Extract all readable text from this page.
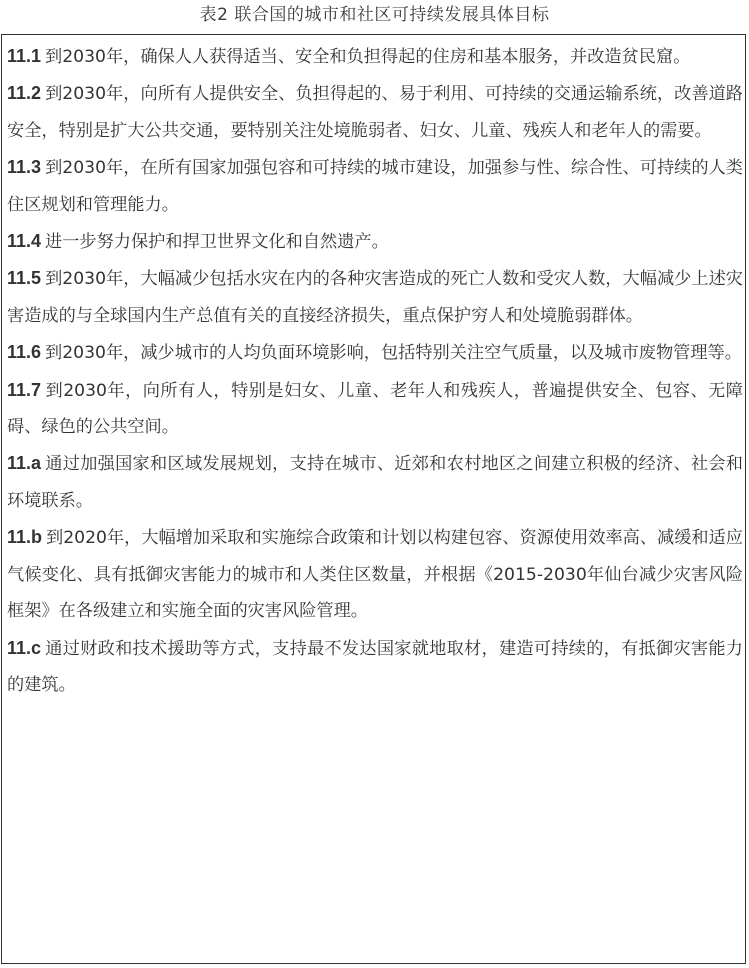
表2 联合国的城市和社区可持续发展具体目标

11.1 到2030年，确保人人获得适当、安全和负担得起的住房和基本服务，并改造贫民窟。

11.2 到2030年，向所有人提供安全、负担得起的、易于利用、可持续的交通运输系统，改善道路安全，特别是扩大公共交通，要特别关注处境脆弱者、妇女、儿童、残疾人和老年人的需要。

11.3 到2030年，在所有国家加强包容和可持续的城市建设，加强参与性、综合性、可持续的人类住区规划和管理能力。

11.4 进一步努力保护和捍卫世界文化和自然遗产。

11.5 到2030年，大幅减少包括水灾在内的各种灾害造成的死亡人数和受灾人数，大幅减少上述灾害造成的与全球国内生产总值有关的直接经济损失，重点保护穷人和处境脆弱群体。

11.6 到2030年，减少城市的人均负面环境影响，包括特别关注空气质量，以及城市废物管理等。

11.7 到2030年，向所有人，特别是妇女、儿童、老年人和残疾人，普遍提供安全、包容、无障碍、绿色的公共空间。

11.a 通过加强国家和区域发展规划，支持在城市、近郊和农村地区之间建立积极的经济、社会和环境联系。

11.b 到2020年，大幅增加采取和实施综合政策和计划以构建包容、资源使用效率高、减缓和适应气候变化、具有抵御灾害能力的城市和人类住区数量，并根据《2015-2030年仙台减少灾害风险框架》在各级建立和实施全面的灾害风险管理。

11.c 通过财政和技术援助等方式，支持最不发达国家就地取材，建造可持续的，有抵御灾害能力的建筑。
